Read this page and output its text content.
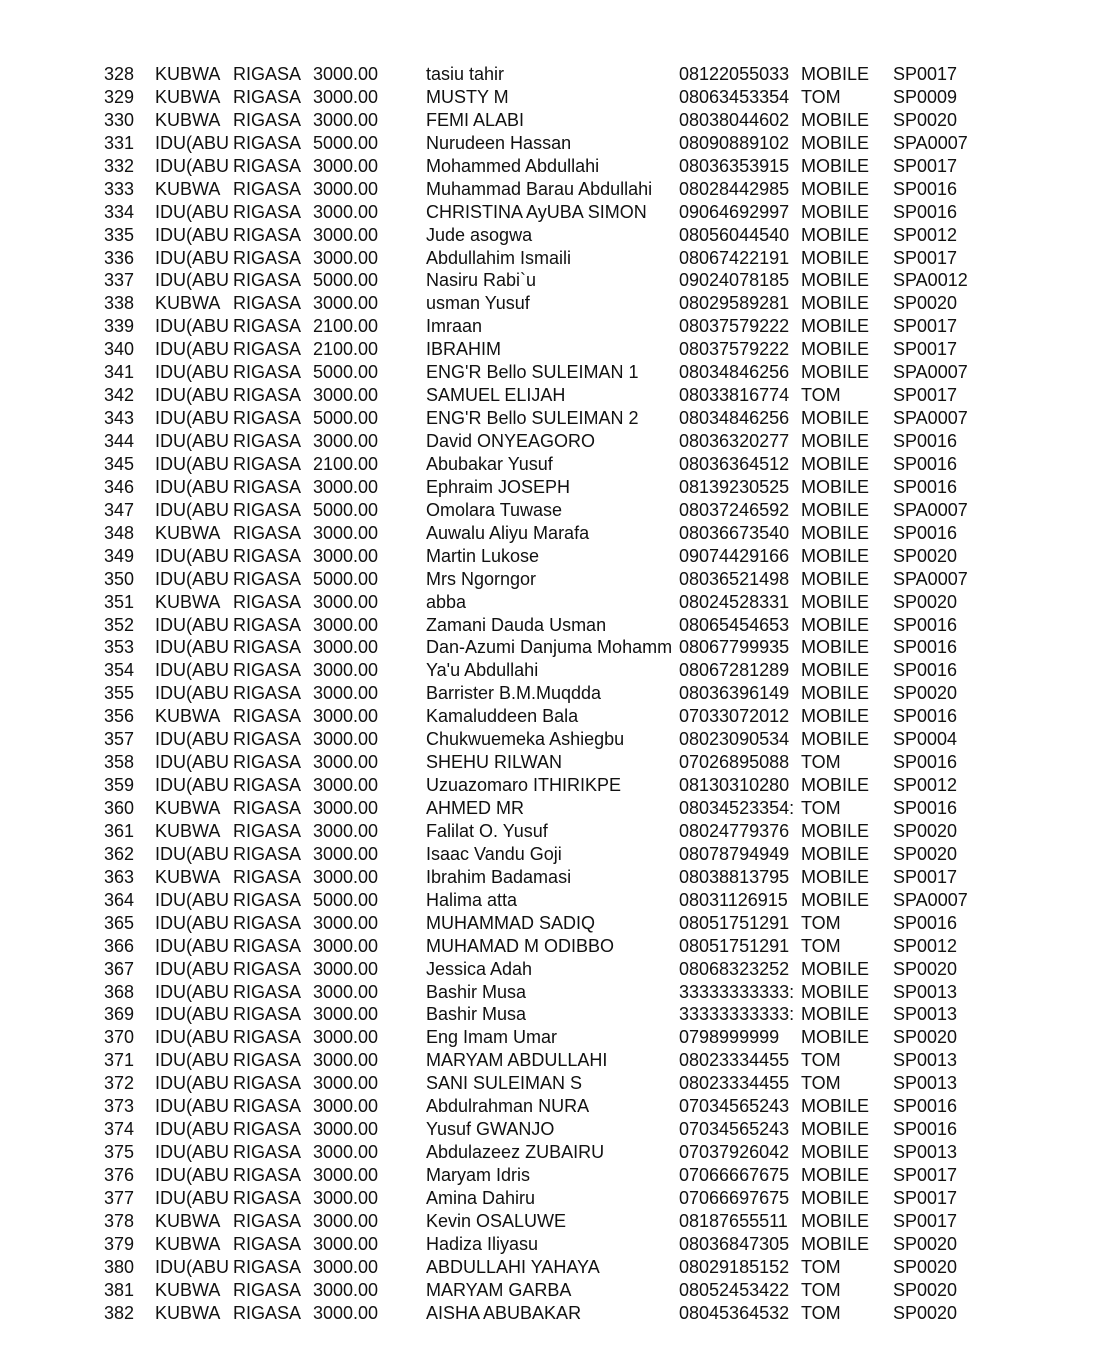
328	KUBWA RIGASA 3000.00	tasiu tahir	08122055033 MOBILE	SP0017
329	KUBWA RIGASA 3000.00	MUSTY M	08063453354 TOM	SP0009
330	KUBWA RIGASA 3000.00	FEMI ALABI	08038044602 MOBILE	SP0020
331	IDU(ABU RIGASA 5000.00	Nurudeen Hassan	08090889102 MOBILE	SPA0007
332	IDU(ABU RIGASA 3000.00	Mohammed Abdullahi	08036353915 MOBILE	SP0017
333	KUBWA RIGASA 3000.00	Muhammad Barau Abdullahi	08028442985 MOBILE	SP0016
334	IDU(ABU RIGASA 3000.00	CHRISTINA AyUBA SIMON	09064692997 MOBILE	SP0016
335	IDU(ABU RIGASA 3000.00	Jude asogwa	08056044540 MOBILE	SP0012
336	IDU(ABU RIGASA 3000.00	Abdullahim Ismaili	08067422191 MOBILE	SP0017
337	IDU(ABU RIGASA 5000.00	Nasiru Rabi`u	09024078185 MOBILE	SPA0012
338	KUBWA RIGASA 3000.00	usman Yusuf	08029589281 MOBILE	SP0020
339	IDU(ABU RIGASA 2100.00	Imraan	08037579222 MOBILE	SP0017
340	IDU(ABU RIGASA 2100.00	IBRAHIM	08037579222 MOBILE	SP0017
341	IDU(ABU RIGASA 5000.00	ENG'R Bello SULEIMAN 1	08034846256 MOBILE	SPA0007
342	IDU(ABU RIGASA 3000.00	SAMUEL ELIJAH	08033816774 TOM	SP0017
343	IDU(ABU RIGASA 5000.00	ENG'R Bello SULEIMAN 2	08034846256 MOBILE	SPA0007
344	IDU(ABU RIGASA 3000.00	David ONYEAGORO	08036320277 MOBILE	SP0016
345	IDU(ABU RIGASA 2100.00	Abubakar Yusuf	08036364512 MOBILE	SP0016
346	IDU(ABU RIGASA 3000.00	Ephraim JOSEPH	08139230525 MOBILE	SP0016
347	IDU(ABU RIGASA 5000.00	Omolara Tuwase	08037246592 MOBILE	SPA0007
348	KUBWA RIGASA 3000.00	Auwalu Aliyu Marafa	08036673540 MOBILE	SP0016
349	IDU(ABU RIGASA 3000.00	Martin Lukose	09074429166 MOBILE	SP0020
350	IDU(ABU RIGASA 5000.00	Mrs Ngorngor	08036521498 MOBILE	SPA0007
351	KUBWA RIGASA 3000.00	abba	08024528331 MOBILE	SP0020
352	IDU(ABU RIGASA 3000.00	Zamani Dauda Usman	08065454653 MOBILE	SP0016
353	IDU(ABU RIGASA 3000.00	Dan-Azumi Danjuma Mohamm 08067799935 MOBILE	SP0016
354	IDU(ABU RIGASA 3000.00	Ya'u Abdullahi	08067281289 MOBILE	SP0016
355	IDU(ABU RIGASA 3000.00	Barrister B.M.Muqdda	08036396149 MOBILE	SP0020
356	KUBWA RIGASA 3000.00	Kamaluddeen Bala	07033072012 MOBILE	SP0016
357	IDU(ABU RIGASA 3000.00	Chukwuemeka Ashiegbu	08023090534 MOBILE	SP0004
358	IDU(ABU RIGASA 3000.00	SHEHU RILWAN	07026895088 TOM	SP0016
359	IDU(ABU RIGASA 3000.00	Uzuazomaro ITHIRIKPE	08130310280 MOBILE	SP0012
360	KUBWA RIGASA 3000.00	AHMED MR	08034523354: TOM	SP0016
361	KUBWA RIGASA 3000.00	Falilat O. Yusuf	08024779376 MOBILE	SP0020
362	IDU(ABU RIGASA 3000.00	Isaac Vandu Goji	08078794949 MOBILE	SP0020
363	KUBWA RIGASA 3000.00	Ibrahim Badamasi	08038813795 MOBILE	SP0017
364	IDU(ABU RIGASA 5000.00	Halima atta	08031126915 MOBILE	SPA0007
365	IDU(ABU RIGASA 3000.00	MUHAMMAD SADIQ	08051751291 TOM	SP0016
366	IDU(ABU RIGASA 3000.00	MUHAMAD M ODIBBO	08051751291 TOM	SP0012
367	IDU(ABU RIGASA 3000.00	Jessica Adah	08068323252 MOBILE	SP0020
368	IDU(ABU RIGASA 3000.00	Bashir Musa	33333333333: MOBILE	SP0013
369	IDU(ABU RIGASA 3000.00	Bashir Musa	33333333333: MOBILE	SP0013
370	IDU(ABU RIGASA 3000.00	Eng Imam Umar	0798999999	MOBILE	SP0020
371	IDU(ABU RIGASA 3000.00	MARYAM ABDULLAHI	08023334455 TOM	SP0013
372	IDU(ABU RIGASA 3000.00	SANI SULEIMAN S	08023334455 TOM	SP0013
373	IDU(ABU RIGASA 3000.00	Abdulrahman NURA	07034565243 MOBILE	SP0016
374	IDU(ABU RIGASA 3000.00	Yusuf GWANJO	07034565243 MOBILE	SP0016
375	IDU(ABU RIGASA 3000.00	Abdulazeez ZUBAIRU	07037926042 MOBILE	SP0013
376	IDU(ABU RIGASA 3000.00	Maryam Idris	07066667675 MOBILE	SP0017
377	IDU(ABU RIGASA 3000.00	Amina Dahiru	07066697675 MOBILE	SP0017
378	KUBWA RIGASA 3000.00	Kevin OSALUWE	08187655511 MOBILE	SP0017
379	KUBWA RIGASA 3000.00	Hadiza Iliyasu	08036847305 MOBILE	SP0020
380	IDU(ABU RIGASA 3000.00	ABDULLAHI YAHAYA	08029185152 TOM	SP0020
381	KUBWA RIGASA 3000.00	MARYAM GARBA	08052453422 TOM	SP0020
382	KUBWA RIGASA 3000.00	AISHA ABUBAKAR	08045364532 TOM	SP0020
